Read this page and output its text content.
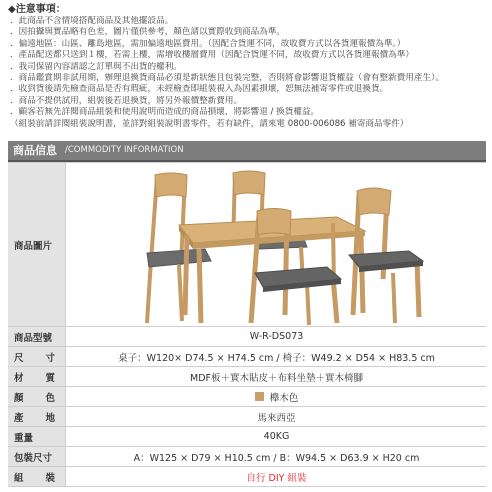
◆注意事項：
．此商品不含情境搭配商品及其他擺設品。
．因拍攝與實品略有色差，圖片僅供參考，顏色請以實際收到商品為準。
．偏遠地區：山區、離島地區，需加偏遠地區費用。（因配合貨運不同，故收費方式以各貨運報價為準。）
．產品配送都只送到１樓，若需上樓，需增收樓層費用（因配合貨運不同，故收費方式以各貨運報價為準）
．我司保留內容請認之訂單與不出貨的權利。
．商品鑑賞期非試用期，辦理退換貨商品必須是新狀態且包裝完整，否則將會影響退貨權益（會有整新費用產生）。
．收到貨後請先檢查商品是否有瑕疵，未經檢查即組裝視入為因素損壞，恕無法補寄零件或退換貨。
．商品不提供試用，組裝後若退換貨，將另外報價整新費用。
．顧客若無先詳閱商品組裝和使用說明而造成的商品損壞，將影響退 / 換貨權益。
（組裝前請詳閱組裝說明書，並詳對組裝說明書零件，若有缺件，請來電 0800-006086 補寄商品零件）
商品信息 /COMMODITY INFORMATION
商品圖片
商品型號	W-R-DS073
尺 寸	桌子：W120× D74.5 × H74.5 cm / 椅子：W49.2 × D54 × H83.5 cm
材 質	MDF板＋實木貼皮＋布料坐墊＋實木椅腳
顏 色	櫸木色
產 地	馬來西亞
重量	40KG
包裝尺寸	A：W125 × D79 × H10.5 cm / B：W94.5 × D63.9 × H20 cm
組 裝	自行 DIY 組裝
